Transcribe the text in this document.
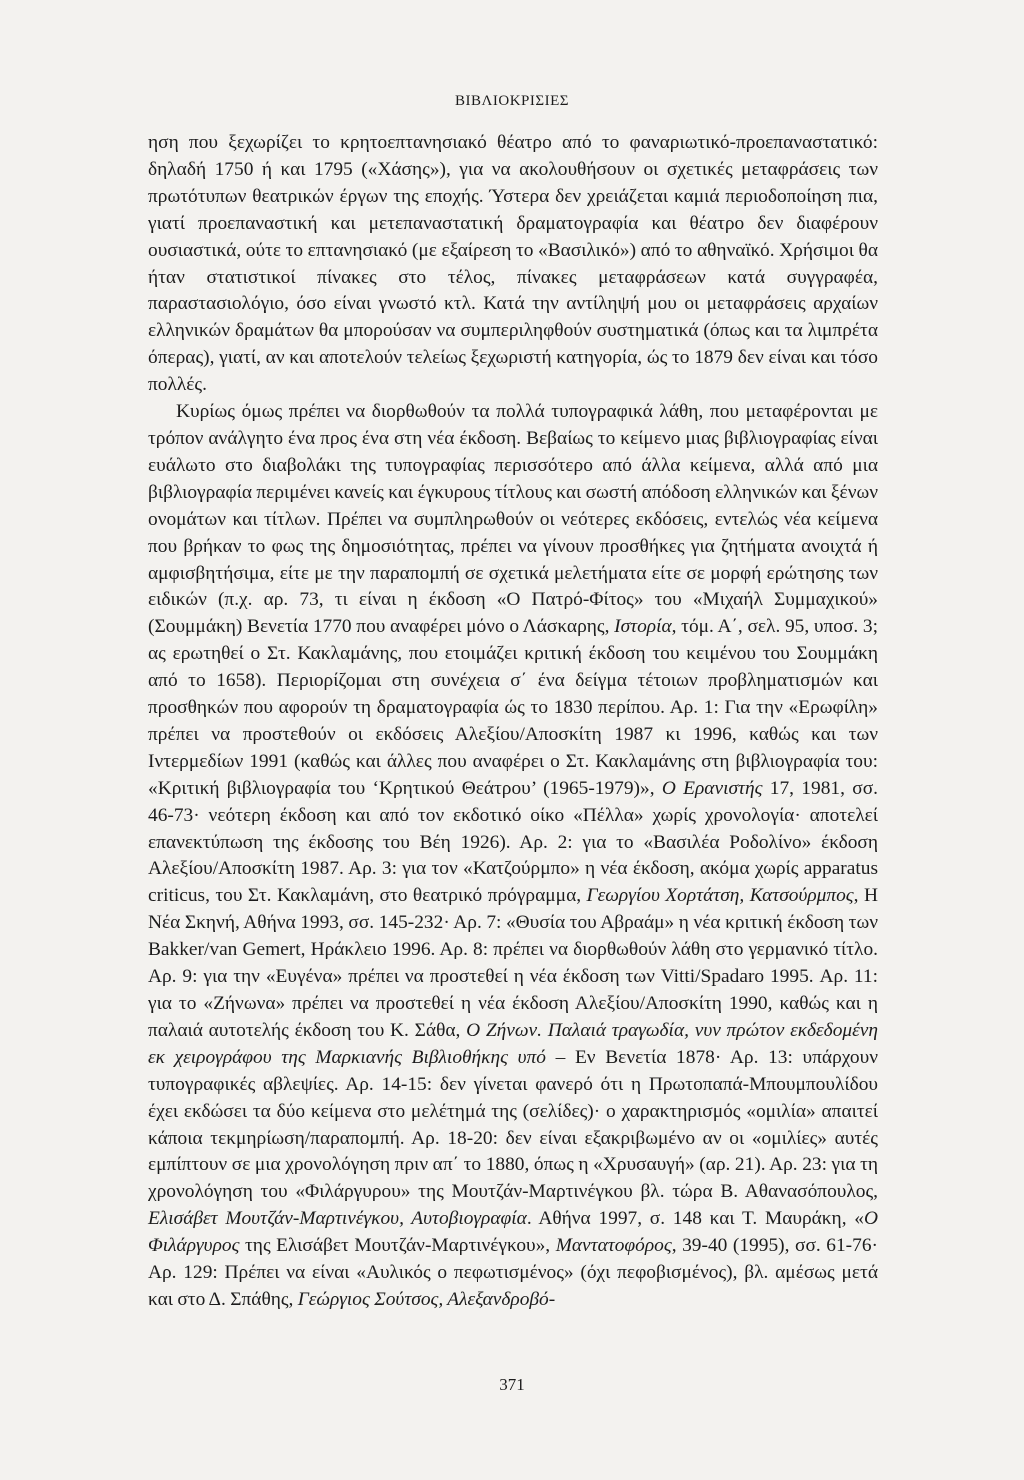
ΒΙΒΛΙΟΚΡΙΣΙΕΣ

ηση που ξεχωρίζει το κρητοεπτανησιακό θέατρο από το φαναριωτικό-προεπαναστατικό: δηλαδή 1750 ή και 1795 («Χάσης»), για να ακολουθήσουν οι σχετικές μεταφράσεις των πρωτότυπων θεατρικών έργων της εποχής. Ύστερα δεν χρειάζεται καμιά περιοδοποίηση πια, γιατί προεπαναστική και μετεπαναστατική δραματογραφία και θέατρο δεν διαφέρουν ουσιαστικά, ούτε το επτανησιακό (με εξαίρεση το «Βασιλικό») από το αθηναϊκό. Χρήσιμοι θα ήταν στατιστικοί πίνακες στο τέλος, πίνακες μεταφράσεων κατά συγγραφέα, παραστασιολόγιο, όσο είναι γνωστό κτλ. Κατά την αντίληψή μου οι μεταφράσεις αρχαίων ελληνικών δραμάτων θα μπορούσαν να συμπεριληφθούν συστηματικά (όπως και τα λιμπρέτα όπερας), γιατί, αν και αποτελούν τελείως ξεχωριστή κατηγορία, ώς το 1879 δεν είναι και τόσο πολλές.

Κυρίως όμως πρέπει να διορθωθούν τα πολλά τυπογραφικά λάθη, που μεταφέρονται με τρόπον ανάλγητο ένα προς ένα στη νέα έκδοση. Βεβαίως το κείμενο μιας βιβλιογραφίας είναι ευάλωτο στο διαβολάκι της τυπογραφίας περισσότερο από άλλα κείμενα, αλλά από μια βιβλιογραφία περιμένει κανείς και έγκυρους τίτλους και σωστή απόδοση ελληνικών και ξένων ονομάτων και τίτλων. Πρέπει να συμπληρωθούν οι νεότερες εκδόσεις, εντελώς νέα κείμενα που βρήκαν το φως της δημοσιότητας, πρέπει να γίνουν προσθήκες για ζητήματα ανοιχτά ή αμφισβητήσιμα, είτε με την παραπομπή σε σχετικά μελετήματα είτε σε μορφή ερώτησης των ειδικών (π.χ. αρ. 73, τι είναι η έκδοση «Ο Πατρό-Φίτος» του «Μιχαήλ Συμμαχικού» (Σουμμάκη) Βενετία 1770 που αναφέρει μόνο ο Λάσκαρης, Ιστορία, τόμ. Α΄, σελ. 95, υποσ. 3; ας ερωτηθεί ο Στ. Κακλαμάνης, που ετοιμάζει κριτική έκδοση του κειμένου του Σουμμάκη από το 1658). Περιορίζομαι στη συνέχεια σ΄ ένα δείγμα τέτοιων προβληματισμών και προσθηκών που αφορούν τη δραματογραφία ώς το 1830 περίπου. Αρ. 1: Για την «Ερωφίλη» πρέπει να προστεθούν οι εκδόσεις Αλεξίου/Αποσκίτη 1987 κι 1996, καθώς και των Ιντερμεδίων 1991 (καθώς και άλλες που αναφέρει ο Στ. Κακλαμάνης στη βιβλιογραφία του: «Κριτική βιβλιογραφία του ‘Κρητικού Θεάτρου’ (1965-1979)», Ο Ερανιστής 17, 1981, σσ. 46-73· νεότερη έκδοση και από τον εκδοτικό οίκο «Πέλλα» χωρίς χρονολογία· αποτελεί επανεκτύπωση της έκδοσης του Βέη 1926). Αρ. 2: για το «Βασιλέα Ροδολίνο» έκδοση Αλεξίου/Αποσκίτη 1987. Αρ. 3: για τον «Κατζούρμπο» η νέα έκδοση, ακόμα χωρίς apparatus criticus, του Στ. Κακλαμάνη, στο θεατρικό πρόγραμμα, Γεωργίου Χορτάτση, Κατσούρμπος, Η Νέα Σκηνή, Αθήνα 1993, σσ. 145-232· Αρ. 7: «Θυσία του Αβραάμ» η νέα κριτική έκδοση των Bakker/van Gemert, Ηράκλειο 1996. Αρ. 8: πρέπει να διορθωθούν λάθη στο γερμανικό τίτλο. Αρ. 9: για την «Ευγένα» πρέπει να προστεθεί η νέα έκδοση των Vitti/Spadaro 1995. Αρ. 11: για το «Ζήνωνα» πρέπει να προστεθεί η νέα έκδοση Αλεξίου/Αποσκίτη 1990, καθώς και η παλαιά αυτοτελής έκδοση του Κ. Σάθα, Ο Ζήνων. Παλαιά τραγωδία, νυν πρώτον εκδεδομένη εκ χειρογράφου της Μαρκιανής Βιβλιοθήκης υπό – Εν Βενετία 1878· Αρ. 13: υπάρχουν τυπογραφικές αβλεψίες. Αρ. 14-15: δεν γίνεται φανερό ότι η Πρωτοπαπά-Μπουμπουλίδου έχει εκδώσει τα δύο κείμενα στο μελέτημά της (σελίδες)· ο χαρακτηρισμός «ομιλία» απαιτεί κάποια τεκμηρίωση/παραπομπή. Αρ. 18-20: δεν είναι εξακριβωμένο αν οι «ομιλίες» αυτές εμπίπτουν σε μια χρονολόγηση πριν απ΄ το 1880, όπως η «Χρυσαυγή» (αρ. 21). Αρ. 23: για τη χρονολόγηση του «Φιλάργυρου» της Μουτζάν-Μαρτινέγκου βλ. τώρα Β. Αθανασόπουλος, Ελισάβετ Μουτζάν-Μαρτινέγκου, Αυτοβιογραφία. Αθήνα 1997, σ. 148 και Τ. Μαυράκη, «Ο Φιλάργυρος της Ελισάβετ Μουτζάν-Μαρτινέγκου», Μαντατοφόρος, 39-40 (1995), σσ. 61-76· Αρ. 129: Πρέπει να είναι «Αυλικός ο πεφωτισμένος» (όχι πεφοβισμένος), βλ. αμέσως μετά και στο Δ. Σπάθης, Γεώργιος Σούτσος, Αλεξανδροβό-

371
